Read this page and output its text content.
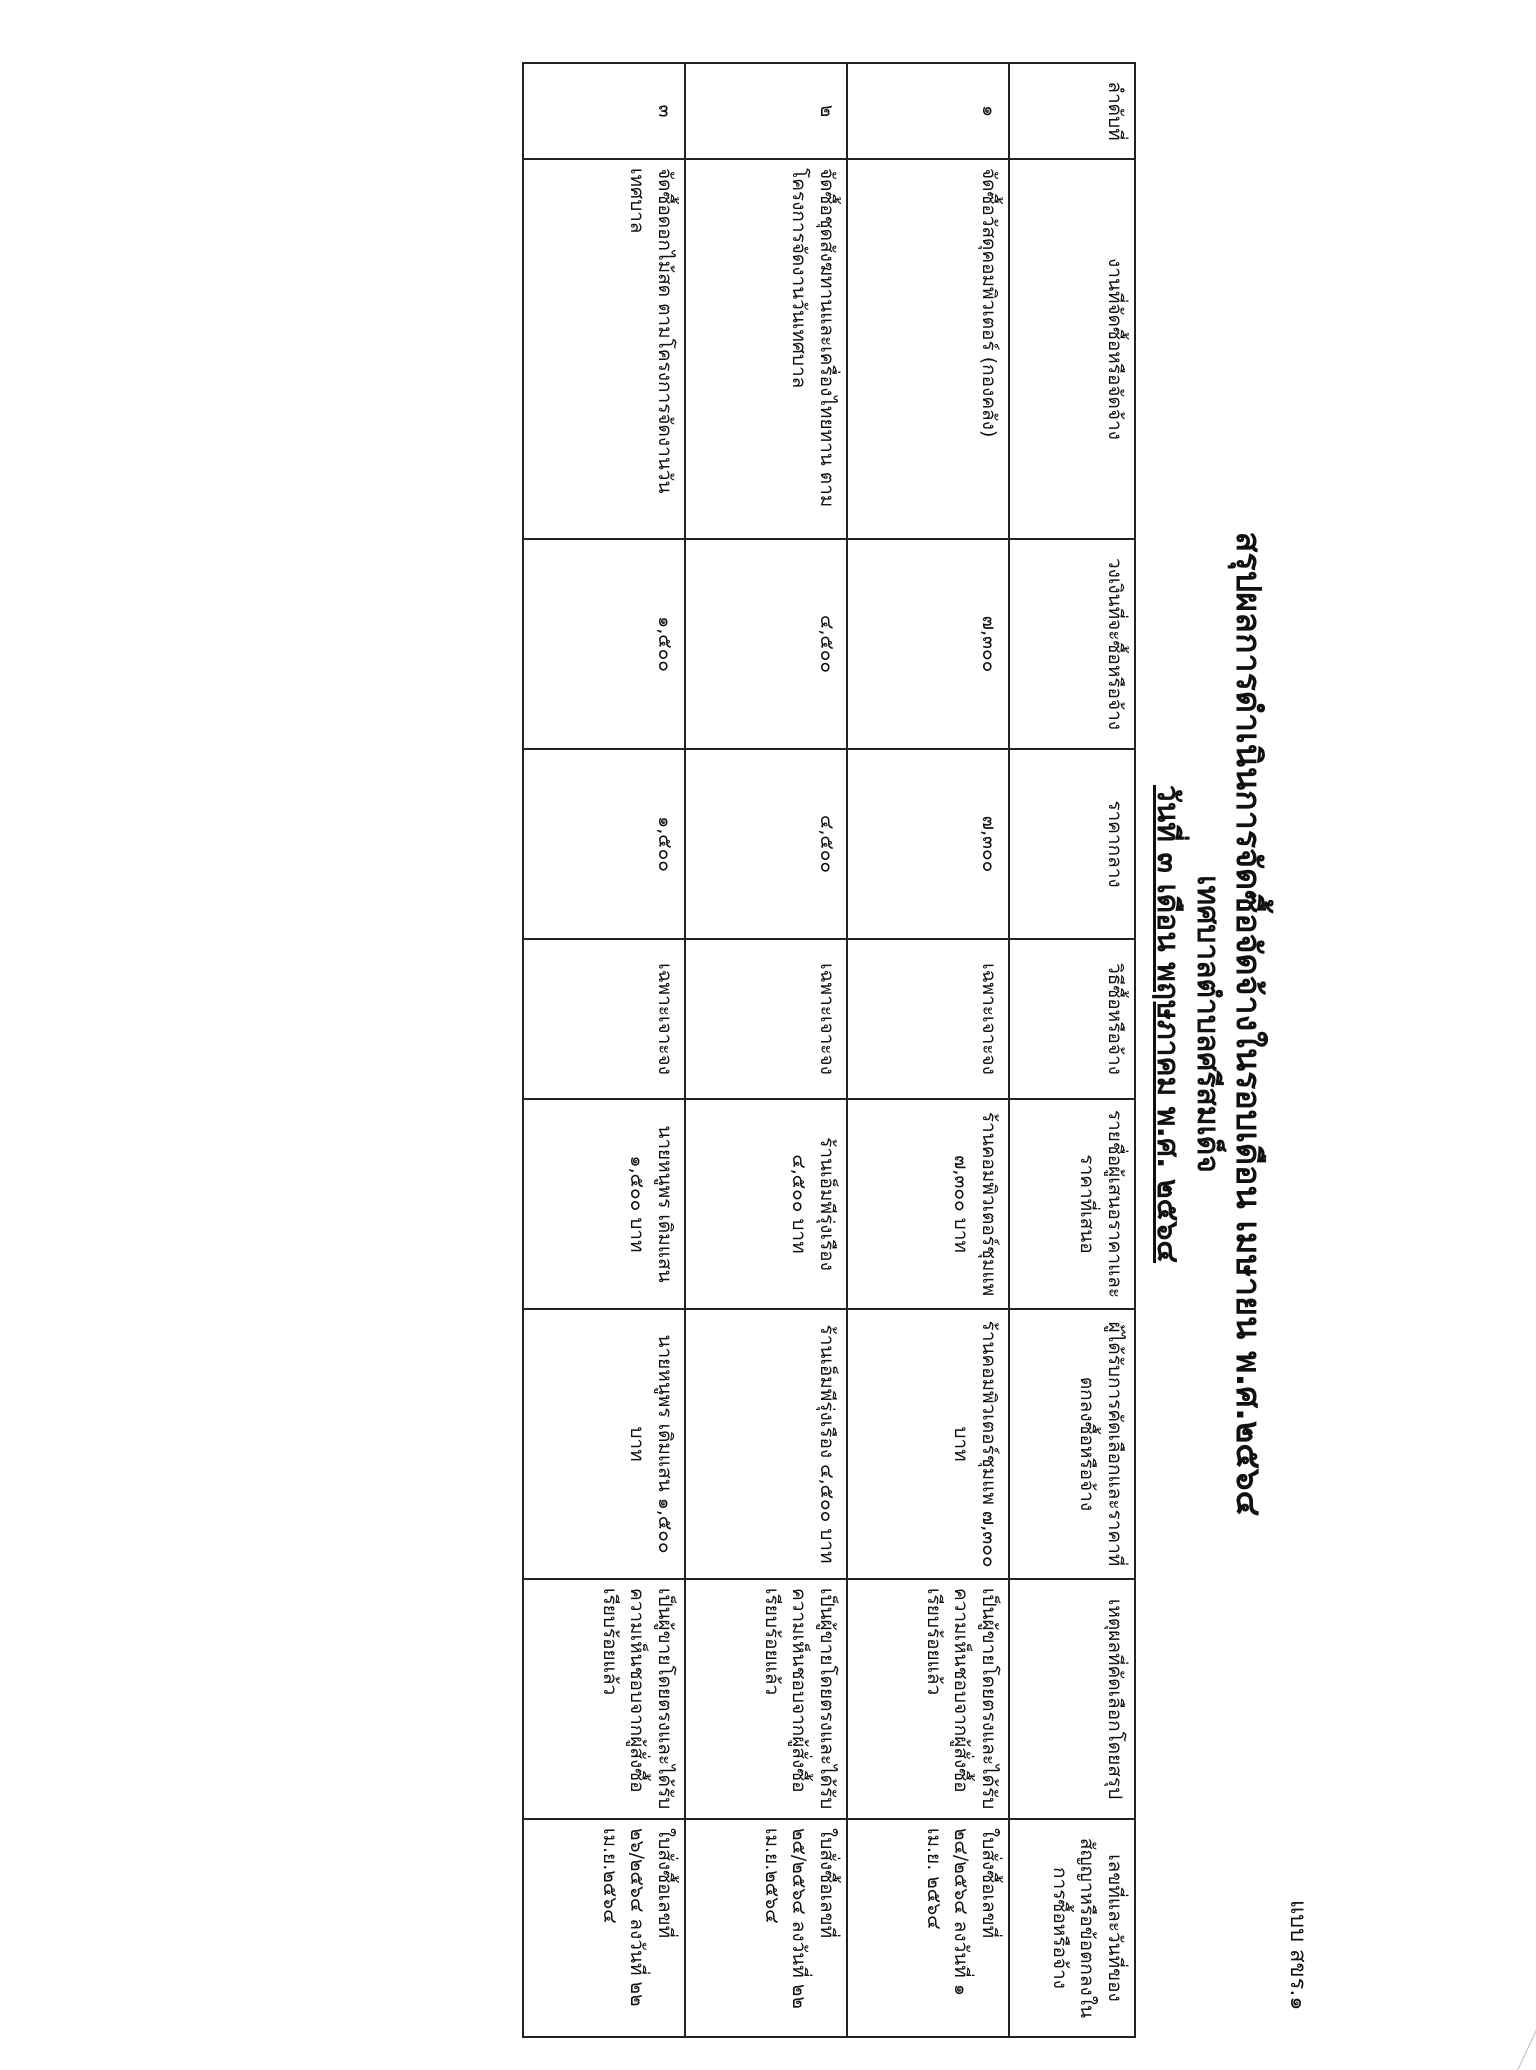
แบบ สขร.๑
สรุปผลการดำเนินการจัดซื้อจัดจ้างในรอบเดือน เมษายน พ.ศ.๒๕๖๔
เทศบาลตำบลศรีสมเด็จ
วันที่ ๓ เดือน พฤษภาคม พ.ศ. ๒๕๖๔
ลำดับที่	งานที่จัดซื้อหรือจัดจ้าง	วงเงินที่จะซื้อหรือจ้าง	ราคากลาง	วิธีซื้อหรือจ้าง	รายชื่อผู้เสนอราคาและราคาที่เสนอ	ผู้ได้รับการคัดเลือกและราคาที่ตกลงซื้อหรือจ้าง	เหตุผลที่คัดเลือกโดยสรุป	เลขที่และวันที่ของสัญญาหรือข้อตกลงในการซื้อหรือจ้าง
๑	จัดซื้อวัสดุคอมพิวเตอร์ (กองคลัง)	๗,๓๐๐	๗,๓๐๐	เฉพาะเจาะจง	ร้านคอมพิวเตอร์ชุมแพ ๗,๓๐๐ บาท	ร้านคอมพิวเตอร์ชุมแพ ๗,๓๐๐ บาท	เป็นผู้ขายโดยตรงและได้รับความเห็นชอบจากผู้สั่งซื้อเรียบร้อยแล้ว	ใบสั่งซื้อเลขที่ ๒๔/๒๕๖๔ ลงวันที่ ๑ เม.ย. ๒๕๖๔
๒	จัดซื้อชุดสังฆทานและเครื่องไทยทาน ตามโครงการจัดงานวันเทศบาล	๔,๕๐๐	๔,๕๐๐	เฉพาะเจาะจง	ร้านเอ็มพีรุ่งเรือง ๔,๕๐๐ บาท	ร้านเอ็มพีรุ่งเรือง ๔,๕๐๐ บาท	เป็นผู้ขายโดยตรงและได้รับความเห็นชอบจากผู้สั่งซื้อเรียบร้อยแล้ว	ใบสั่งซื้อเลขที่ ๒๕/๒๕๖๔ ลงวันที่ ๒๒ เม.ย.๒๕๖๔
๓	จัดซื้อดอกไม้สด ตามโครงการจัดงานวันเทศบาล	๑,๕๐๐	๑,๕๐๐	เฉพาะเจาะจง	นายหนูพร เดิมแสน ๑,๕๐๐ บาท	นายหนูพร เดิมแสน ๑,๕๐๐ บาท	เป็นผู้ขายโดยตรงและได้รับความเห็นชอบจากผู้สั่งซื้อเรียบร้อยแล้ว	ใบสั่งซื้อเลขที่ ๒๖/๒๕๖๔ ลงวันที่ ๒๒ เม.ย.๒๕๖๔
